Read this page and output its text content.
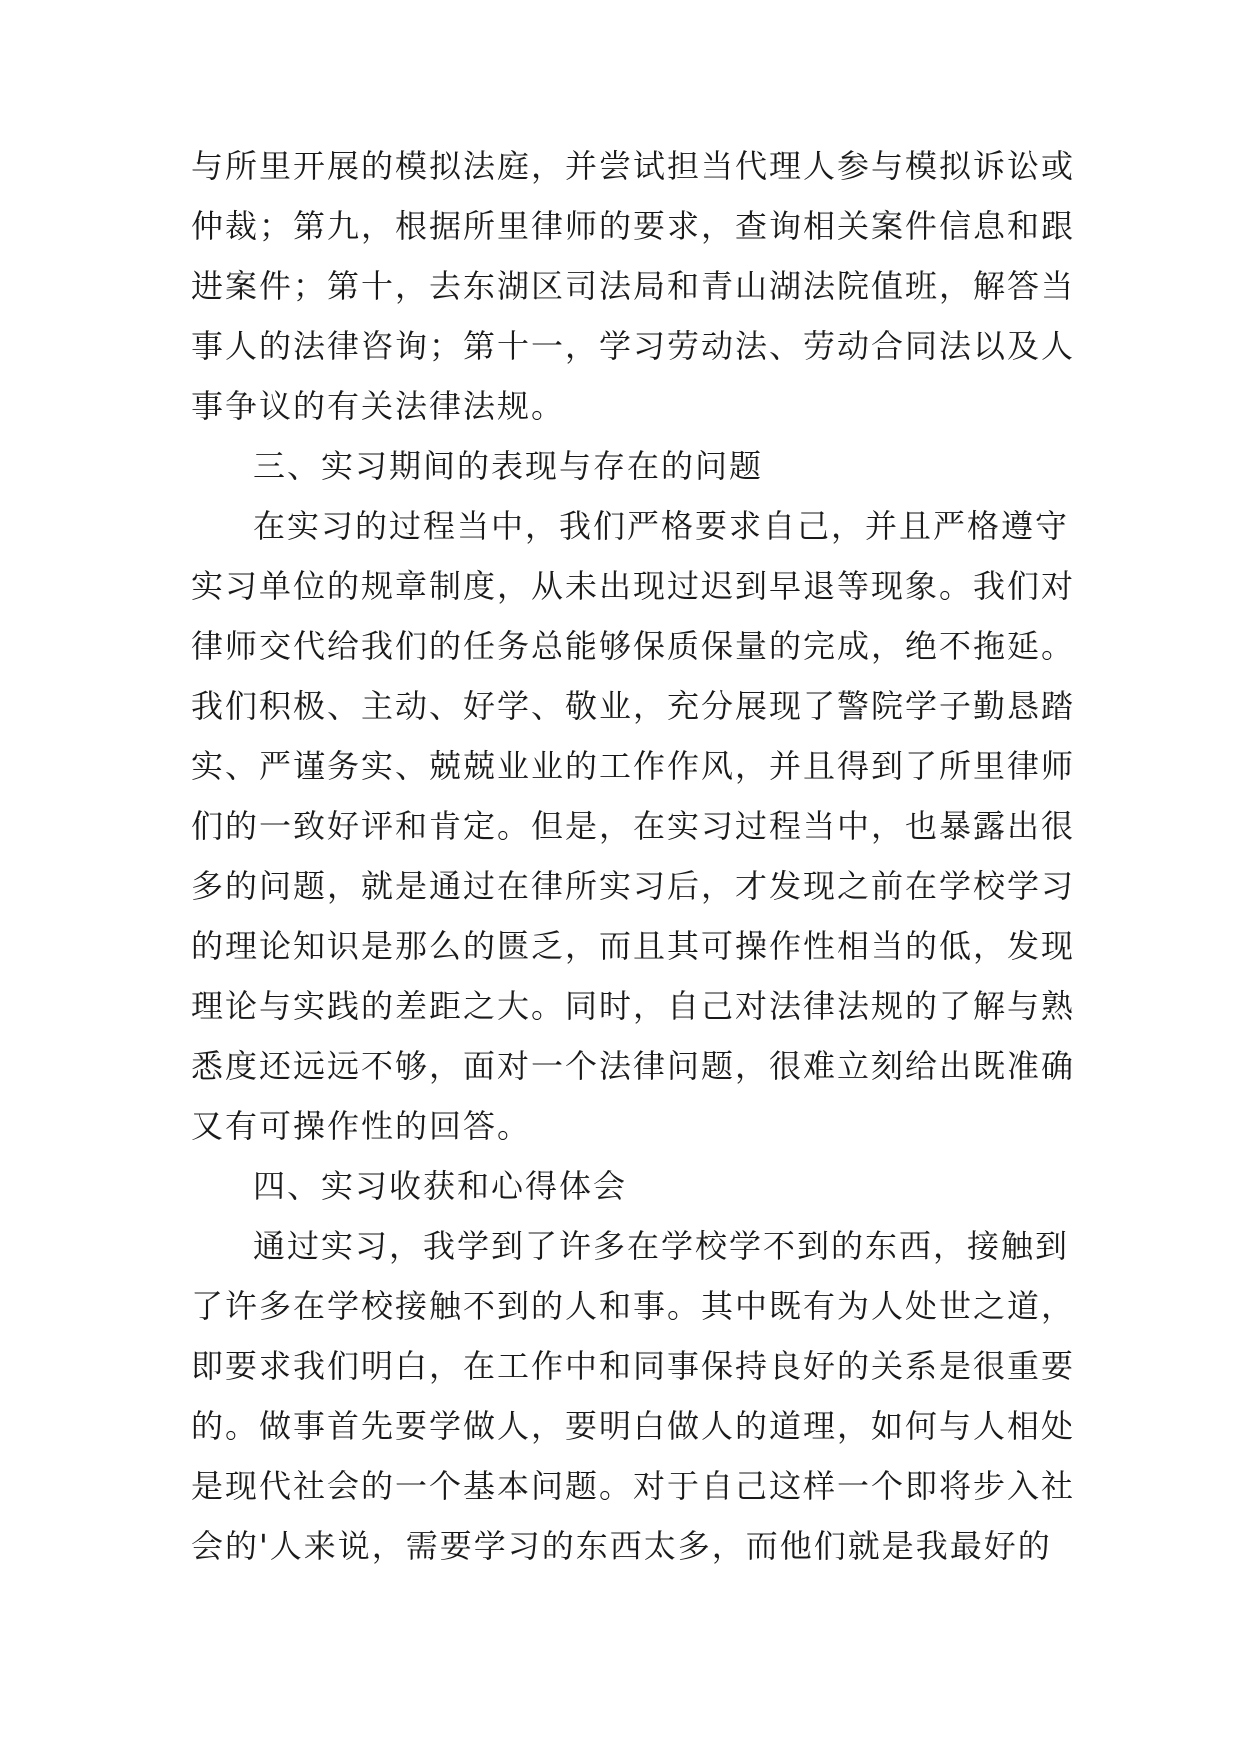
与所里开展的模拟法庭，并尝试担当代理人参与模拟诉讼或
仲裁；第九，根据所里律师的要求，查询相关案件信息和跟
进案件；第十，去东湖区司法局和青山湖法院值班，解答当
事人的法律咨询；第十一，学习劳动法、劳动合同法以及人
事争议的有关法律法规。
三、实习期间的表现与存在的问题
在实习的过程当中，我们严格要求自己，并且严格遵守
实习单位的规章制度，从未出现过迟到早退等现象。我们对
律师交代给我们的任务总能够保质保量的完成，绝不拖延。
我们积极、主动、好学、敬业，充分展现了警院学子勤恳踏
实、严谨务实、兢兢业业的工作作风，并且得到了所里律师
们的一致好评和肯定。但是，在实习过程当中，也暴露出很
多的问题，就是通过在律所实习后，才发现之前在学校学习
的理论知识是那么的匮乏，而且其可操作性相当的低，发现
理论与实践的差距之大。同时，自己对法律法规的了解与熟
悉度还远远不够，面对一个法律问题，很难立刻给出既准确
又有可操作性的回答。
四、实习收获和心得体会
通过实习，我学到了许多在学校学不到的东西，接触到
了许多在学校接触不到的人和事。其中既有为人处世之道，
即要求我们明白，在工作中和同事保持良好的关系是很重要
的。做事首先要学做人，要明白做人的道理，如何与人相处
是现代社会的一个基本问题。对于自己这样一个即将步入社
会的'人来说，需要学习的东西太多，而他们就是我最好的
